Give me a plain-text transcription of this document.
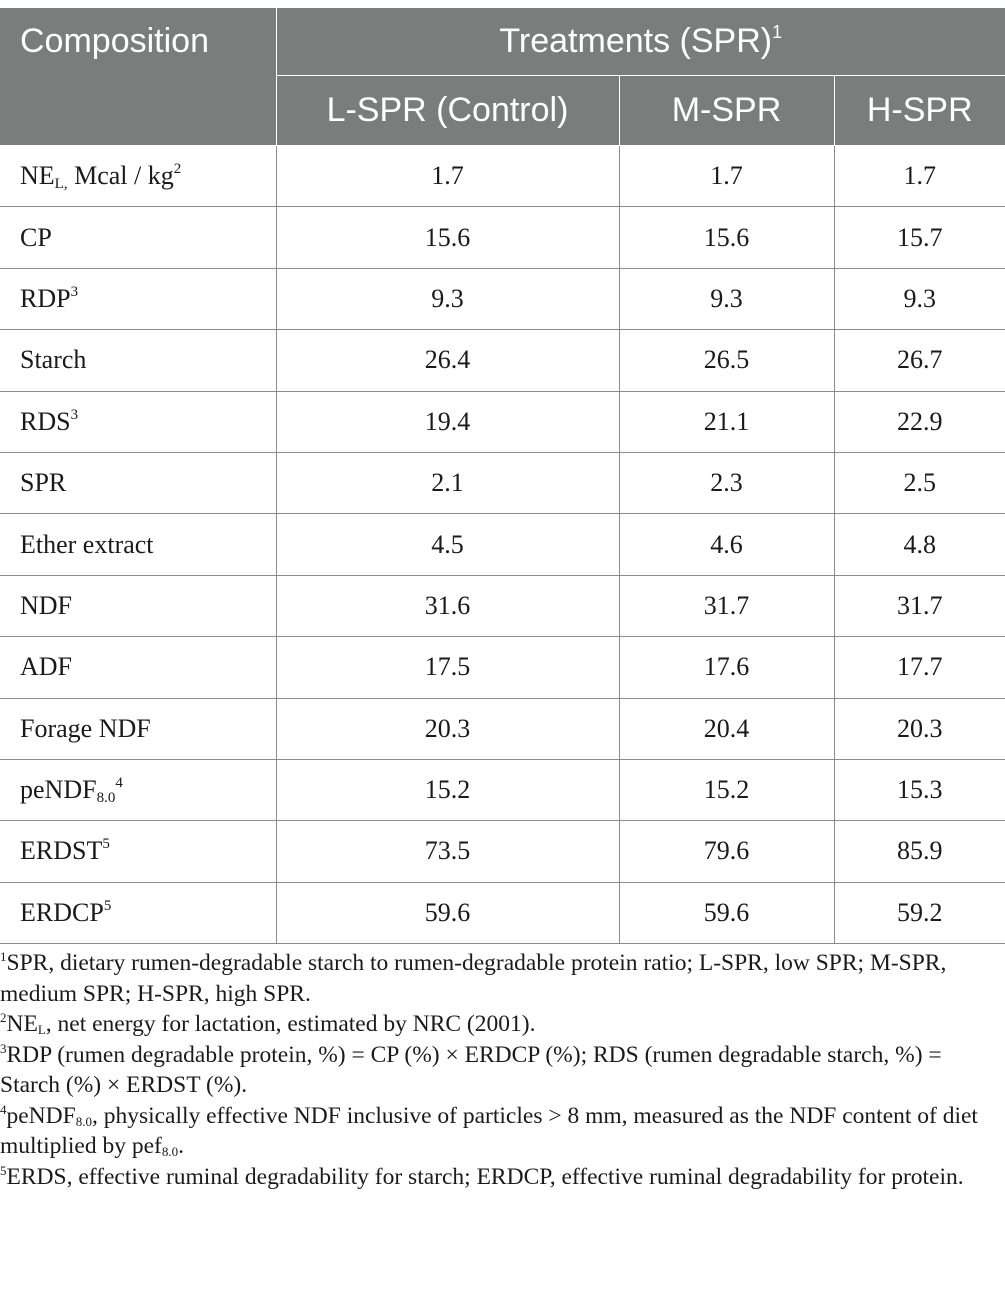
Composition	Treatments (SPR)$^1$
	L-SPR (Control)	M-SPR	H-SPR
$NE_{L,}$ Mcal / $kg^2$	1.7	1.7	1.7
CP	15.6	15.6	15.7
RDP$^3$	9.3	9.3	9.3
Starch	26.4	26.5	26.7
RDS$^3$	19.4	21.1	22.9
SPR	2.1	2.3	2.5
Ether extract	4.5	4.6	4.8
NDF	31.6	31.7	31.7
ADF	17.5	17.6	17.7
Forage NDF	20.3	20.4	20.3
peNDF$_{8.0}^4$	15.2	15.2	15.3
ERDST$^5$	73.5	79.6	85.9
ERDCP$^5$	59.6	59.6	59.2
$^1$SPR, dietary rumen-degradable starch to rumen-degradable protein ratio; L-SPR, low SPR; M-SPR, medium SPR; H-SPR, high SPR.
$^2NE_L$, net energy for lactation, estimated by NRC (2001).
$^3$RDP (rumen degradable protein, %) = CP (%) × ERDCP (%); RDS (rumen degradable starch, %) = Starch (%) × ERDST (%).
$^4$peNDF$_{8.0}$, physically effective NDF inclusive of particles > 8 mm, measured as the NDF content of diet multiplied by pef$_{8.0}$.
$^5$ERDS, effective ruminal degradability for starch; ERDCP, effective ruminal degradability for protein.
